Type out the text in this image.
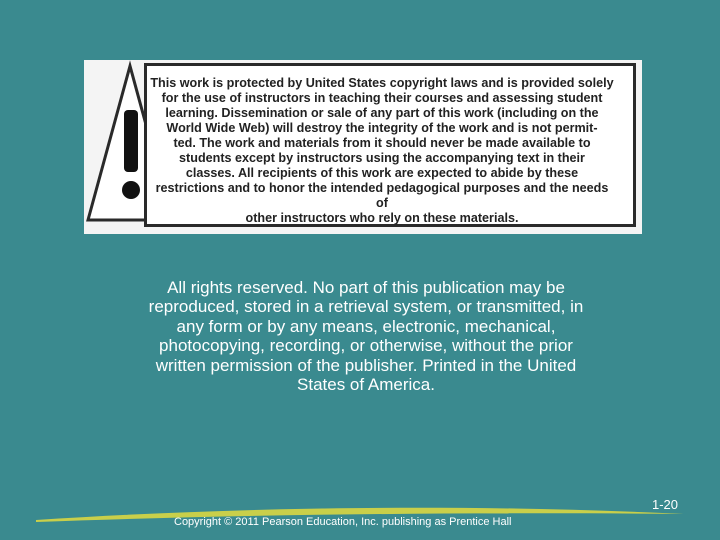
This work is protected by United States copyright laws and is provided solely
for the use of instructors in teaching their courses and assessing student
learning. Dissemination or sale of any part of this work (including on the
World Wide Web) will destroy the integrity of the work and is not permit-
ted. The work and materials from it should never be made available to
students except by instructors using the accompanying text in their
classes. All recipients of this work are expected to abide by these
restrictions and to honor the intended pedagogical purposes and the needs of
other instructors who rely on these materials.
All rights reserved. No part of this publication may be reproduced, stored in a retrieval system, or transmitted, in any form or by any means, electronic, mechanical, photocopying, recording, or otherwise, without the prior written permission of the publisher. Printed in the United States of America.
1-20
Copyright © 2011 Pearson Education, Inc. publishing as Prentice Hall
